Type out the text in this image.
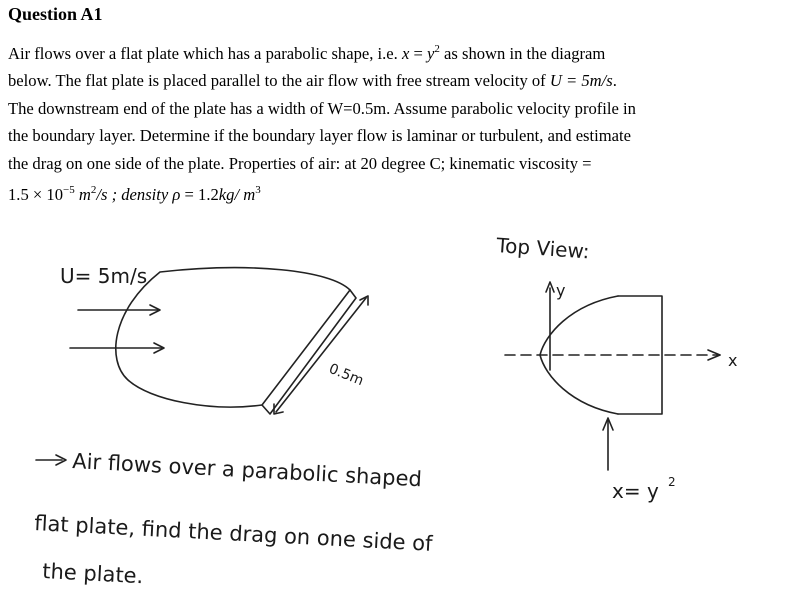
Question A1
Air flows over a flat plate which has a parabolic shape, i.e. $x = y^2$ as shown in the diagram
below. The flat plate is placed parallel to the air flow with free stream velocity of U = 5m/s.
The downstream end of the plate has a width of W=0.5m. Assume parabolic velocity profile in
the boundary layer. Determine if the boundary layer flow is laminar or turbulent, and estimate
the drag on one side of the plate. Properties of air: at 20 degree C; kinematic viscosity =
$1.5 \times 10^{-5}$ $m^2/s$ ; density ρ = 1.2kg/ $m^3$
U= 5m/s
0.5m
Top View:
y
x
x= y 2
Air flows over a parabolic shaped
flat plate, find the drag on one side of
the plate.
